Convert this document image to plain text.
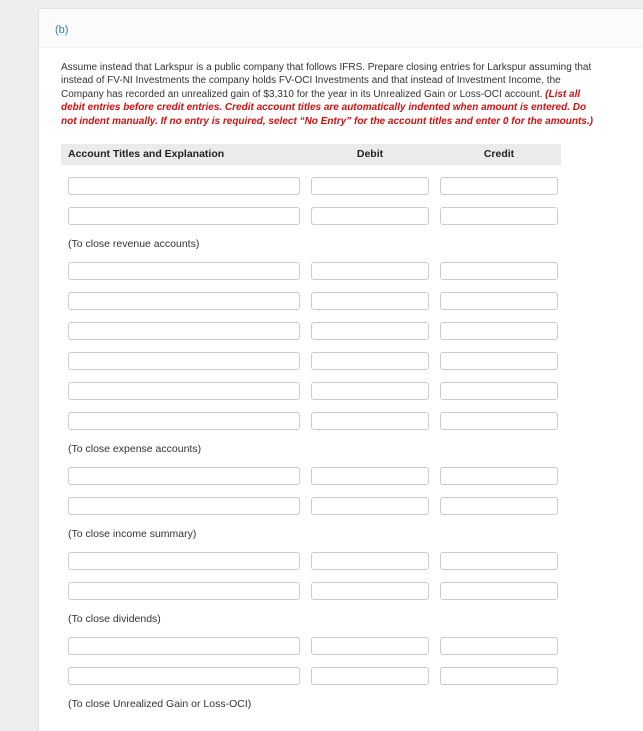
(b)

Assume instead that Larkspur is a public company that follows IFRS. Prepare closing entries for Larkspur assuming that instead of FV-NI Investments the company holds FV-OCI Investments and that instead of Investment Income, the Company has recorded an unrealized gain of $3,310 for the year in its Unrealized Gain or Loss-OCI account. (List all debit entries before credit entries. Credit account titles are automatically indented when amount is entered. Do not indent manually. If no entry is required, select “No Entry” for the account titles and enter 0 for the amounts.)

Account Titles and Explanation	Debit	Credit
(To close revenue accounts)
(To close expense accounts)
(To close income summary)
(To close dividends)
(To close Unrealized Gain or Loss-OCI)
